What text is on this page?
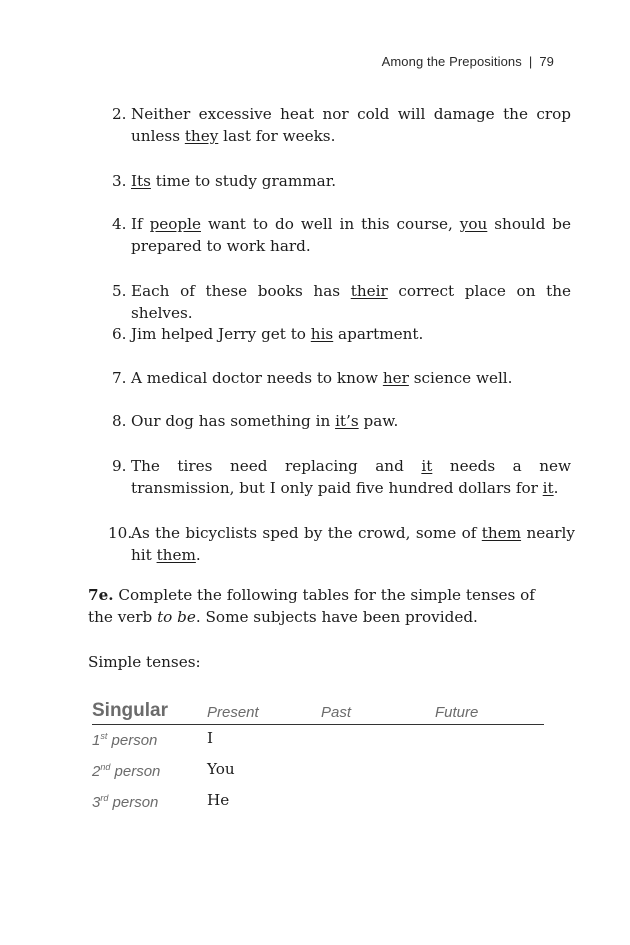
Among the Prepositions | 79
2. Neither excessive heat nor cold will damage the crop unless they last for weeks.
3. Its time to study grammar.
4. If people want to do well in this course, you should be prepared to work hard.
5. Each of these books has their correct place on the shelves.
6. Jim helped Jerry get to his apartment.
7. A medical doctor needs to know her science well.
8. Our dog has something in it’s paw.
9. The tires need replacing and it needs a new transmission, but I only paid five hundred dollars for it.
10.
As the bicyclists sped by the crowd, some of them nearly hit them.
7e. Complete the following tables for the simple tenses of the verb to be. Some subjects have been provided.
Simple tenses:
Singular	Present	Past	Future
1st person	I
2nd person	You
3rd person	He
